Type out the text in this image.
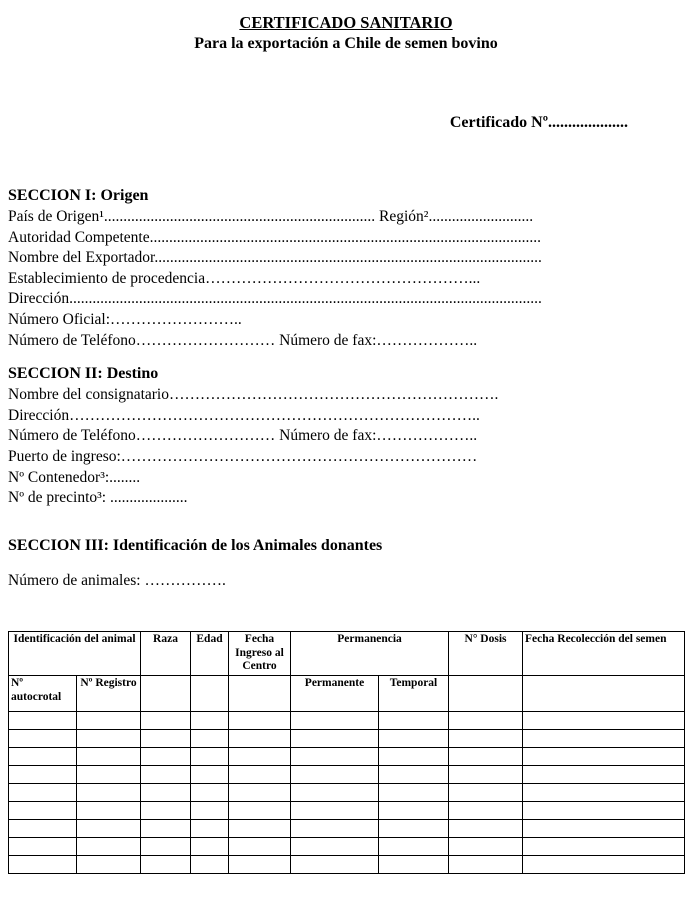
CERTIFICADO SANITARIO
Para la exportación a Chile de semen bovino
Certificado Nº....................
SECCION I: Origen
País de Origen¹...................................................................... Región²...........................
Autoridad Competente.....................................................................................................
Nombre del Exportador....................................................................................................
Establecimiento de procedencia……………………………………………...
Dirección..........................................................................................................................
Número Oficial:……………………..
Número de Teléfono……………………… Número de fax:………………..
SECCION II: Destino
Nombre del consignatario……………………………………………………….
Dirección……………………………………………………………………..
Número de Teléfono……………………… Número de fax:………………..
Puerto de ingreso:……………………………………………………………
Nº Contenedor³:........
Nº de precinto³: ....................
SECCION III: Identificación de los Animales donantes
Número de animales: …………….
Identificación del animal		Raza	Edad	Fecha Ingreso al Centro	Permanencia		N° Dosis	Fecha Recolección del semen
Nº autocrotal	Nº Registro				Permanente	Temporal		
